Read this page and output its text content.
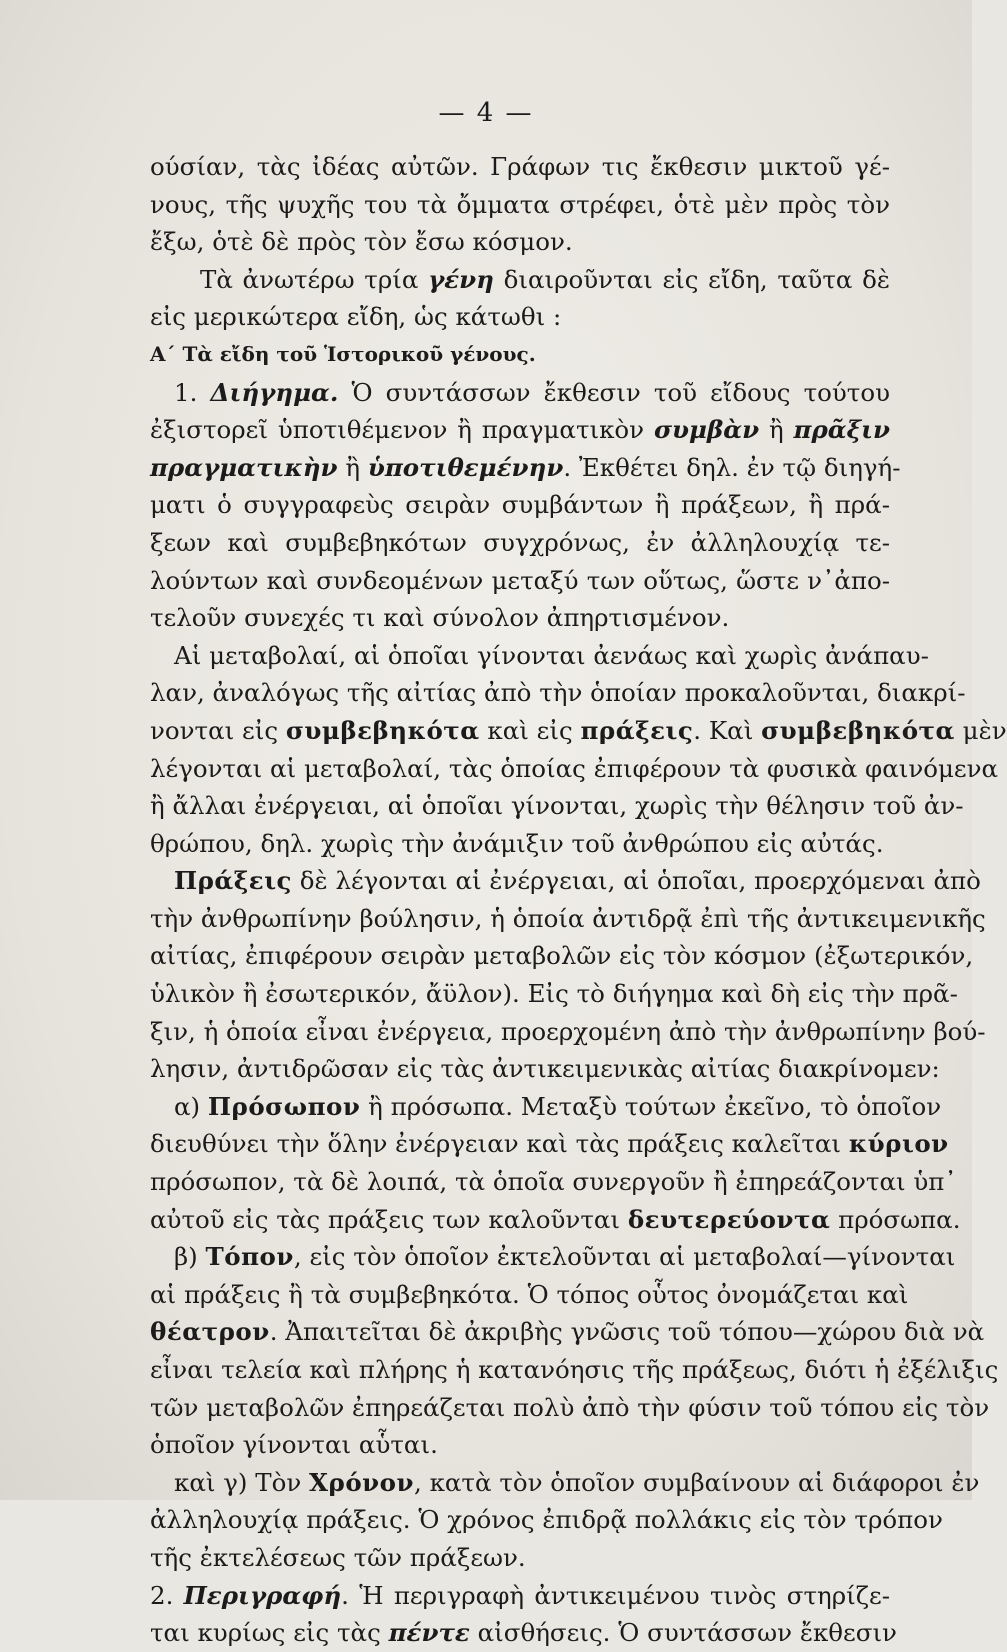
— 4 —
ούσίαν, τὰς ἰδέας αὐτῶν. Γράφων τις ἔκθεσιν μικτοῦ γέ-
νους, τῆς ψυχῆς του τὰ ὄμματα στρέφει, ὁτὲ μὲν πρὸς τὸν
ἔξω, ὁτὲ δὲ πρὸς τὸν ἔσω κόσμον.
Τὰ ἀνωτέρω τρία γένη διαιροῦνται εἰς εἴδη, ταῦτα δὲ
εἰς μερικώτερα εἴδη, ὡς κάτωθι :
Α΄ Τὰ εἴδη τοῦ Ἱστορικοῦ γένους.
1. Διήγημα. Ὁ συντάσσων ἔκθεσιν τοῦ εἴδους τούτου
ἐξιστορεῖ ὑποτιθέμενον ἢ πραγματικὸν συμβὰν ἢ πρᾶξιν
πραγματικὴν ἢ ὑποτιθεμένην. Ἐκθέτει δηλ. ἐν τῷ διηγή-
ματι ὁ συγγραφεὺς σειρὰν συμβάντων ἢ πράξεων, ἢ πρά-
ξεων καὶ συμβεβηκότων συγχρόνως, ἐν ἀλληλουχίᾳ τε-
λούντων καὶ συνδεομένων μεταξύ των οὕτως, ὥστε ν᾿ἀπο-
τελοῦν συνεχές τι καὶ σύνολον ἀπηρτισμένον.
Αἱ μεταβολαί, αἱ ὁποῖαι γίνονται ἀενάως καὶ χωρὶς ἀνάπαυ-
λαν, ἀναλόγως τῆς αἰτίας ἀπὸ τὴν ὁποίαν προκαλοῦνται, διακρί-
νονται εἰς συμβεβηκότα καὶ εἰς πράξεις. Καὶ συμβεβηκότα μὲν
λέγονται αἱ μεταβολαί, τὰς ὁποίας ἐπιφέρουν τὰ φυσικὰ φαινόμενα
ἢ ἄλλαι ἐνέργειαι, αἱ ὁποῖαι γίνονται, χωρὶς τὴν θέλησιν τοῦ ἀν-
θρώπου, δηλ. χωρὶς τὴν ἀνάμιξιν τοῦ ἀνθρώπου εἰς αὐτάς.
Πράξεις δὲ λέγονται αἱ ἐνέργειαι, αἱ ὁποῖαι, προερχόμεναι ἀπὸ
τὴν ἀνθρωπίνην βούλησιν, ἡ ὁποία ἀντιδρᾷ ἐπὶ τῆς ἀντικειμενικῆς
αἰτίας, ἐπιφέρουν σειρὰν μεταβολῶν εἰς τὸν κόσμον (ἐξωτερικόν,
ὑλικὸν ἢ ἐσωτερικόν, ἄϋλον). Εἰς τὸ διήγημα καὶ δὴ εἰς τὴν πρᾶ-
ξιν, ἡ ὁποία εἶναι ἐνέργεια, προερχομένη ἀπὸ τὴν ἀνθρωπίνην βού-
λησιν, ἀντιδρῶσαν εἰς τὰς ἀντικειμενικὰς αἰτίας διακρίνομεν:
α) Πρόσωπον ἢ πρόσωπα. Μεταξὺ τούτων ἐκεῖνο, τὸ ὁποῖον
διευθύνει τὴν ὅλην ἐνέργειαν καὶ τὰς πράξεις καλεῖται κύριον
πρόσωπον, τὰ δὲ λοιπά, τὰ ὁποῖα συνεργοῦν ἢ ἐπηρεάζονται ὑπ᾿
αὐτοῦ εἰς τὰς πράξεις των καλοῦνται δευτερεύοντα πρόσωπα.
β) Τόπον, εἰς τὸν ὁποῖον ἐκτελοῦνται αἱ μεταβολαί—γίνονται
αἱ πράξεις ἢ τὰ συμβεβηκότα. Ὁ τόπος οὗτος ὀνομάζεται καὶ
θέατρον. Ἀπαιτεῖται δὲ ἀκριβὴς γνῶσις τοῦ τόπου—χώρου διὰ νὰ
εἶναι τελεία καὶ πλήρης ἡ κατανόησις τῆς πράξεως, διότι ἡ ἐξέλιξις
τῶν μεταβολῶν ἐπηρεάζεται πολὺ ἀπὸ τὴν φύσιν τοῦ τόπου εἰς τὸν
ὁποῖον γίνονται αὗται.
καὶ γ) Τὸν Χρόνον, κατὰ τὸν ὁποῖον συμβαίνουν αἱ διάφοροι ἐν
ἀλληλουχίᾳ πράξεις. Ὁ χρόνος ἐπιδρᾷ πολλάκις εἰς τὸν τρόπον
τῆς ἐκτελέσεως τῶν πράξεων.
2. Περιγραφή. Ἡ περιγραφὴ ἀντικειμένου τινὸς στηρίζε-
ται κυρίως εἰς τὰς πέντε αἰσθήσεις. Ὁ συντάσσων ἔκθεσιν
